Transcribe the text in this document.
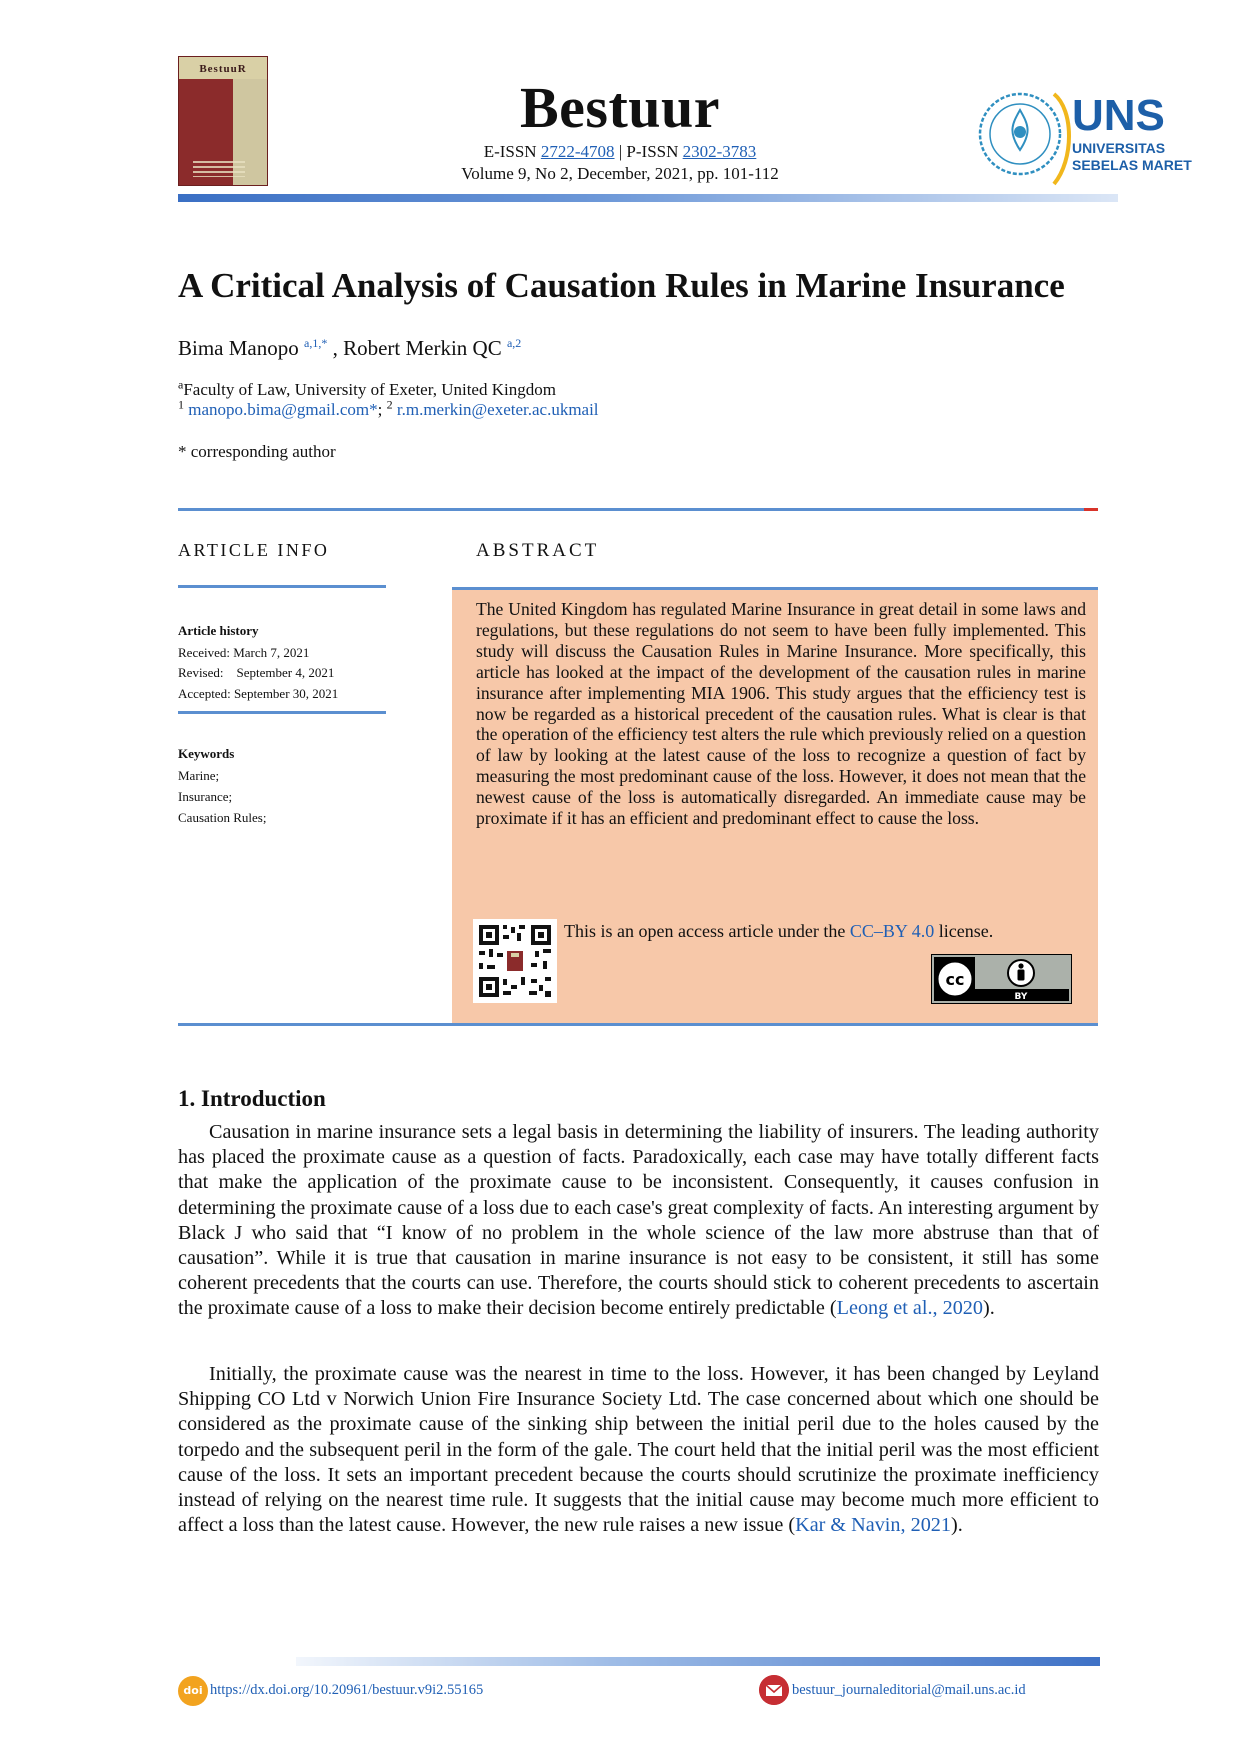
BestuuR
Bestuur
E-ISSN 2722-4708 | P-ISSN 2302-3783
Volume 9, No 2, December, 2021, pp. 101-112
UNS
UNIVERSITAS
SEBELAS MARET
A Critical Analysis of Causation Rules in Marine Insurance
Bima Manopo $^{a,1,*}$ , Robert Merkin QC $^{a,2}$
$^a$Faculty of Law, University of Exeter, United Kingdom
$^1$ manopo.bima@gmail.com*; $^2$ r.m.merkin@exeter.ac.ukmail
* corresponding author
ARTICLE INFO
Article history
Received: March 7, 2021
Revised:    September 4, 2021
Accepted: September 30, 2021
Keywords
Marine;
Insurance;
Causation Rules;
ABSTRACT
The United Kingdom has regulated Marine Insurance in great detail in some laws and regulations, but these regulations do not seem to have been fully implemented. This study will discuss the Causation Rules in Marine Insurance. More specifically, this article has looked at the impact of the development of the causation rules in marine insurance after implementing MIA 1906. This study argues that the efficiency test is now be regarded as a historical precedent of the causation rules. What is clear is that the operation of the efficiency test alters the rule which previously relied on a question of law by looking at the latest cause of the loss to recognize a question of fact by measuring the most predominant cause of the loss. However, it does not mean that the newest cause of the loss is automatically disregarded. An immediate cause may be proximate if it has an efficient and predominant effect to cause the loss.
This is an open access article under the CC–BY 4.0 license.
cc
BY
1. Introduction

Causation in marine insurance sets a legal basis in determining the liability of insurers. The leading authority has placed the proximate cause as a question of facts. Paradoxically, each case may have totally different facts that make the application of the proximate cause to be inconsistent. Consequently, it causes confusion in determining the proximate cause of a loss due to each case's great complexity of facts. An interesting argument by Black J who said that “I know of no problem in the whole science of the law more abstruse than that of causation”. While it is true that causation in marine insurance is not easy to be consistent, it still has some coherent precedents that the courts can use. Therefore, the courts should stick to coherent precedents to ascertain the proximate cause of a loss to make their decision become entirely predictable (Leong et al., 2020).

Initially, the proximate cause was the nearest in time to the loss. However, it has been changed by Leyland Shipping CO Ltd v Norwich Union Fire Insurance Society Ltd. The case concerned about which one should be considered as the proximate cause of the sinking ship between the initial peril due to the holes caused by the torpedo and the subsequent peril in the form of the gale. The court held that the initial peril was the most efficient cause of the loss. It sets an important precedent because the courts should scrutinize the proximate inefficiency instead of relying on the nearest time rule. It suggests that the initial cause may become much more efficient to affect a loss than the latest cause. However, the new rule raises a new issue (Kar & Navin, 2021).

doi https://dx.doi.org/10.20961/bestuur.v9i2.55165	bestuur_journaleditorial@mail.uns.ac.id
